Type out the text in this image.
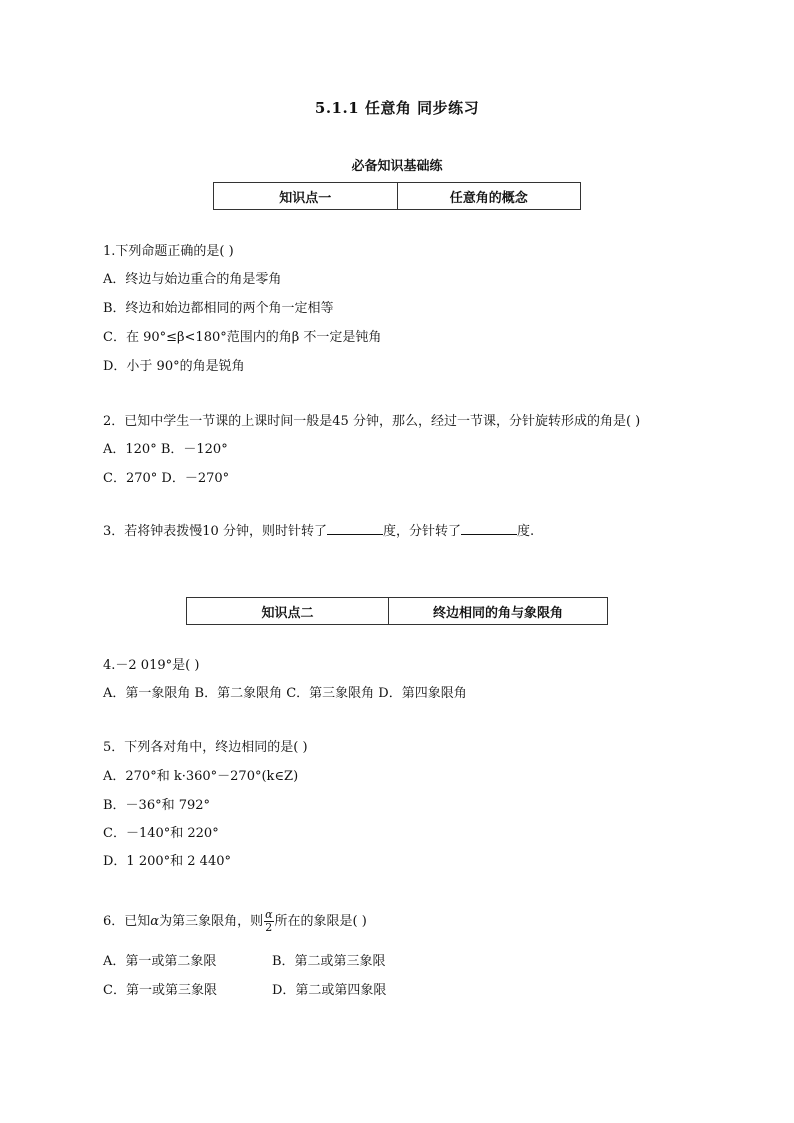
5.1.1 任意角 同步练习
必备知识基础练
知识点一	任意角的概念
1.下列命题正确的是( )
A．终边与始边重合的角是零角
B．终边和始边都相同的两个角一定相等
C．在 90°≤β<180°范围内的角β 不一定是钝角
D．小于 90°的角是锐角
2．已知中学生一节课的上课时间一般是45 分钟，那么，经过一节课，分针旋转形成的角是( )
A．120° B．－120°
C．270° D．－270°
3．若将钟表拨慢10 分钟，则时针转了	度，分针转了	度.
知识点二	终边相同的角与象限角
4.－2 019°是( )
A．第一象限角 B．第二象限角 C．第三象限角 D．第四象限角
5．下列各对角中，终边相同的是( )
A．270°和 k·360°－270°(k∈Z)
B．－36°和 792°
C．－140°和 220°
D．1 200°和 2 440°
6．已知α为第三象限角，则 $\frac{\alpha}{2}$ 所在的象限是( )
A．第一或第二象限	B．第二或第三象限
C．第一或第三象限	D．第二或第四象限
